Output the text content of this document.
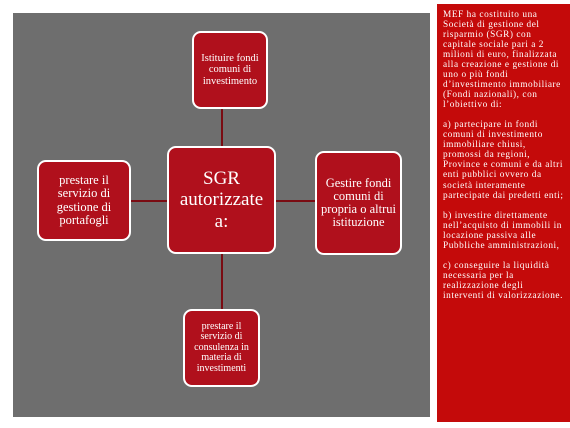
Istituire fondi comuni di investimento
prestare il servizio di gestione di portafogli
SGR autorizzate a:
Gestire fondi comuni di propria o altrui istituzione
prestare il servizio di consulenza in materia di investimenti

MEF ha costituito una Società di gestione del risparmio (SGR) con capitale sociale pari a 2 milioni di euro, finalizzata alla creazione e gestione di uno o più fondi d’investimento immobiliare (Fondi nazionali), con l’obiettivo di:

a) partecipare in fondi comuni di investimento immobiliare chiusi, promossi da regioni, Province e comuni e da altri enti pubblici ovvero da società interamente partecipate dai predetti enti;

b) investire direttamente nell’acquisto di immobili in locazione passiva alle Pubbliche amministrazioni,

c) conseguire la liquidità necessaria per la realizzazione degli interventi di valorizzazione.
